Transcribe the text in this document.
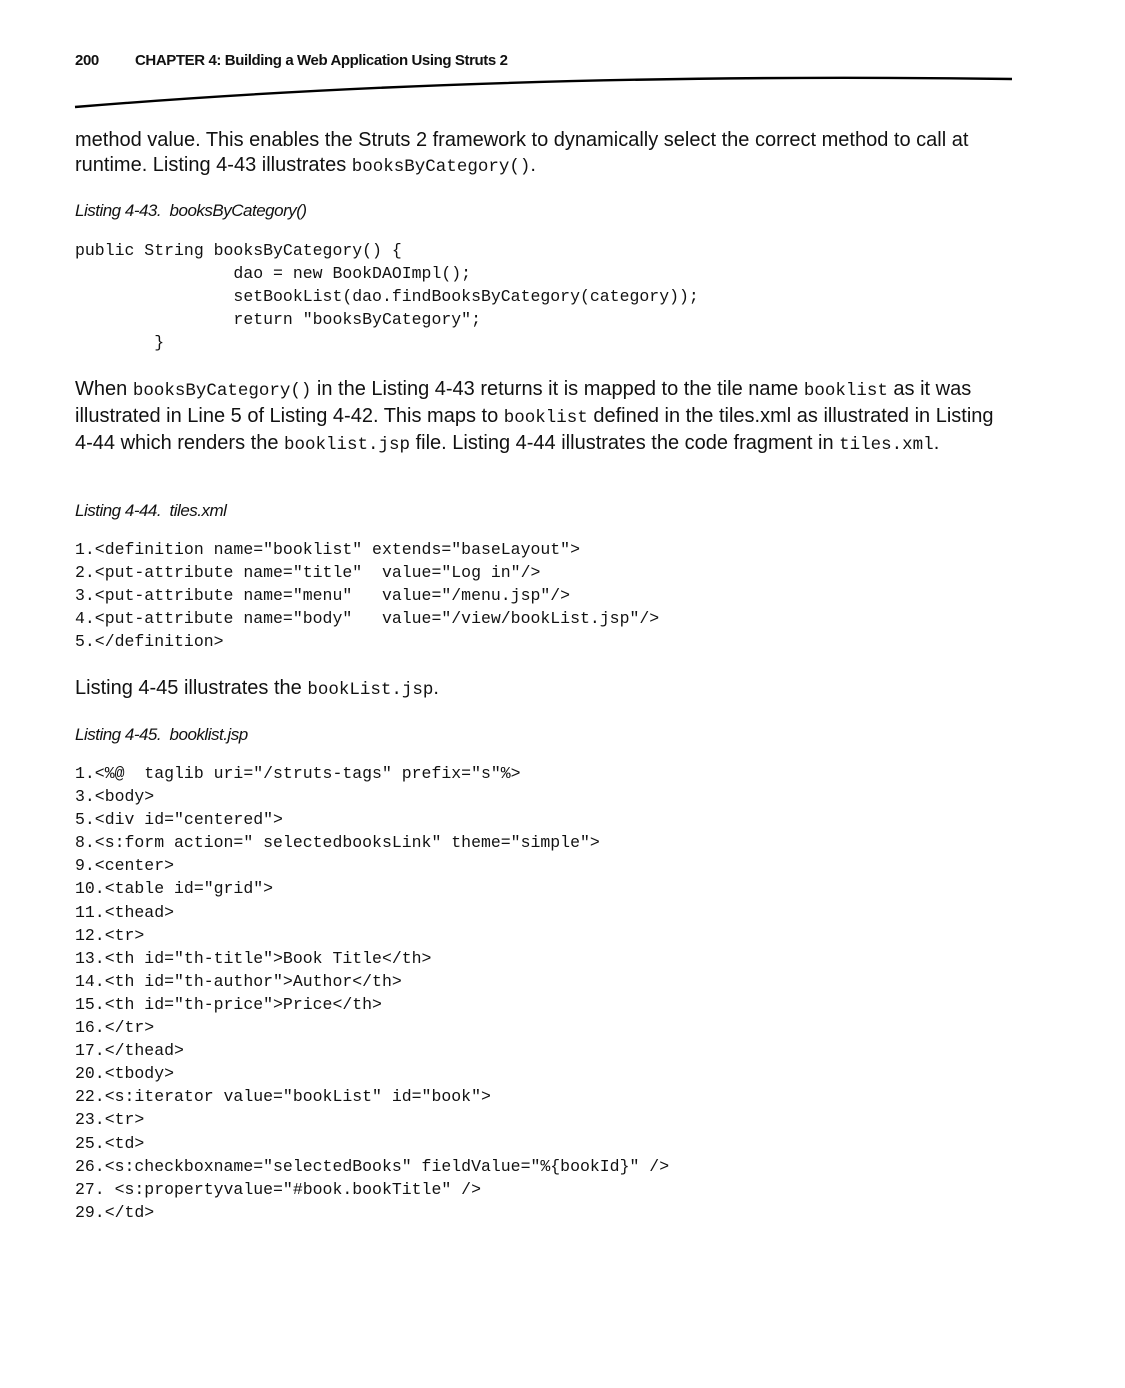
200 CHAPTER 4: Building a Web Application Using Struts 2

method value. This enables the Struts 2 framework to dynamically select the correct method to call at runtime. Listing 4-43 illustrates booksByCategory().

Listing 4-43.  booksByCategory()

public String booksByCategory() {
dao = new BookDAOImpl();
setBookList(dao.findBooksByCategory(category));
return "booksByCategory";
}

When booksByCategory() in the Listing 4-43 returns it is mapped to the tile name booklist as it was illustrated in Line 5 of Listing 4-42. This maps to booklist defined in the tiles.xml as illustrated in Listing 4-44 which renders the booklist.jsp file. Listing 4-44 illustrates the code fragment in tiles.xml.

Listing 4-44.  tiles.xml

1.<definition name="booklist" extends="baseLayout">
2.<put-attribute name="title"  value="Log in"/>
3.<put-attribute name="menu"   value="/menu.jsp"/>
4.<put-attribute name="body"   value="/view/bookList.jsp"/>
5.</definition>

Listing 4-45 illustrates the bookList.jsp.

Listing 4-45.  booklist.jsp

1.<%@  taglib uri="/struts-tags" prefix="s"%>
3.<body>
5.<div id="centered">
8.<s:form action=" selectedbooksLink" theme="simple">
9.<center>
10.<table id="grid">
11.<thead>
12.<tr>
13.<th id="th-title">Book Title</th>
14.<th id="th-author">Author</th>
15.<th id="th-price">Price</th>
16.</tr>
17.</thead>
20.<tbody>
22.<s:iterator value="bookList" id="book">
23.<tr>
25.<td>
26.<s:checkboxname="selectedBooks" fieldValue="%{bookId}" />
27. <s:propertyvalue="#book.bookTitle" />
29.</td>
